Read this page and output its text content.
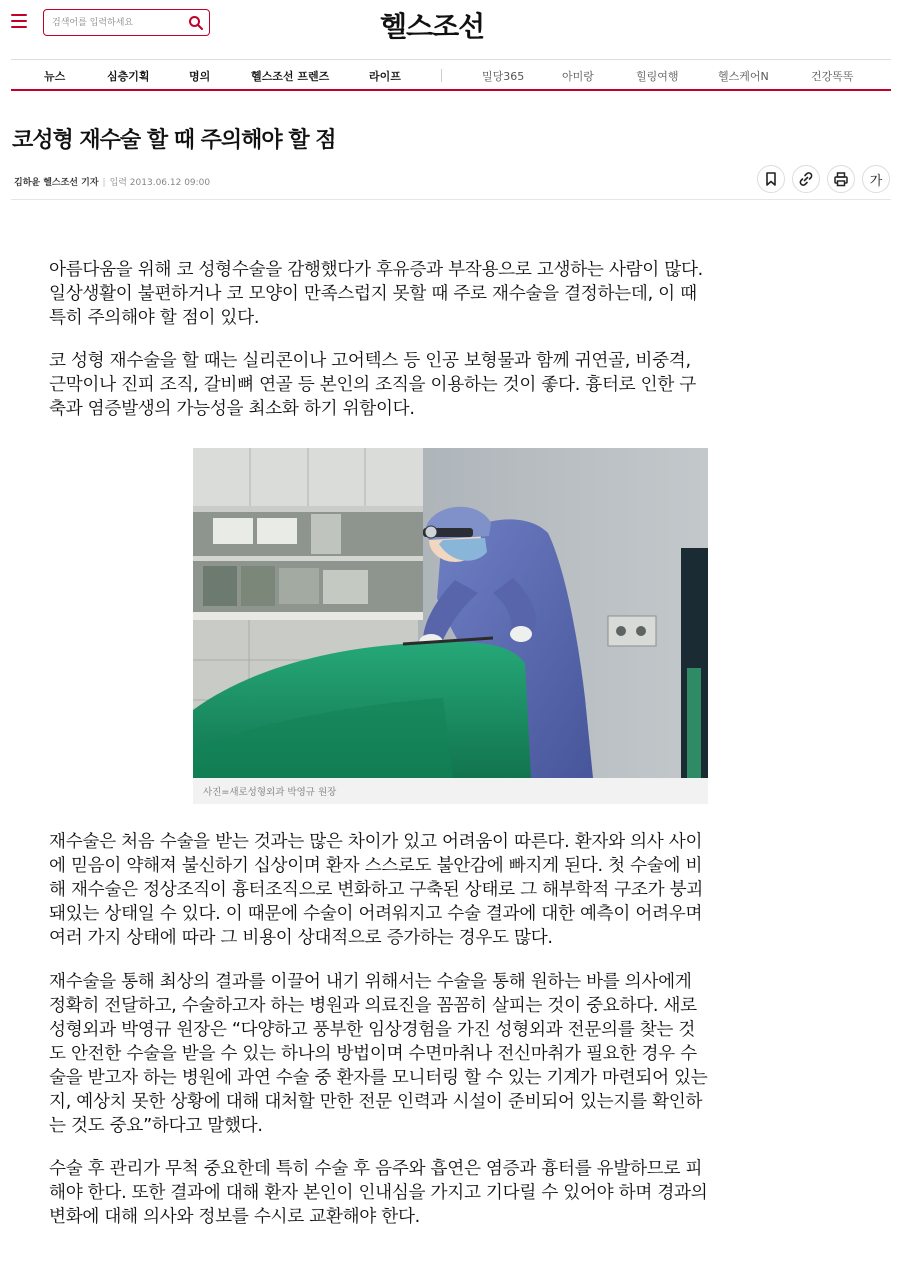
검색어를 입력하세요
헬스조선
뉴스	심층기획	명의	헬스조선 프렌즈	라이프	밀당365	아미랑	힐링여행	헬스케어N	건강똑똑
코성형 재수술 할 때 주의해야 할 점
김하윤 헬스조선 기자 | 입력 2013.06.12 09:00	가
아름다움을 위해 코 성형수술을 감행했다가 후유증과 부작용으로 고생하는 사람이 많다.
일상생활이 불편하거나 코 모양이 만족스럽지 못할 때 주로 재수술을 결정하는데, 이 때
특히 주의해야 할 점이 있다.
코 성형 재수술을 할 때는 실리콘이나 고어텍스 등 인공 보형물과 함께 귀연골, 비중격,
근막이나 진피 조직, 갈비뼈 연골 등 본인의 조직을 이용하는 것이 좋다. 흉터로 인한 구
축과 염증발생의 가능성을 최소화 하기 위함이다.
사진=새로성형외과 박영규 원장
재수술은 처음 수술을 받는 것과는 많은 차이가 있고 어려움이 따른다. 환자와 의사 사이
에 믿음이 약해져 불신하기 십상이며 환자 스스로도 불안감에 빠지게 된다. 첫 수술에 비
해 재수술은 정상조직이 흉터조직으로 변화하고 구축된 상태로 그 해부학적 구조가 붕괴
돼있는 상태일 수 있다. 이 때문에 수술이 어려워지고 수술 결과에 대한 예측이 어려우며
여러 가지 상태에 따라 그 비용이 상대적으로 증가하는 경우도 많다.
재수술을 통해 최상의 결과를 이끌어 내기 위해서는 수술을 통해 원하는 바를 의사에게
정확히 전달하고, 수술하고자 하는 병원과 의료진을 꼼꼼히 살피는 것이 중요하다. 새로
성형외과 박영규 원장은 “다양하고 풍부한 임상경험을 가진 성형외과 전문의를 찾는 것
도 안전한 수술을 받을 수 있는 하나의 방법이며 수면마취나 전신마취가 필요한 경우 수
술을 받고자 하는 병원에 과연 수술 중 환자를 모니터링 할 수 있는 기계가 마련되어 있는
지, 예상치 못한 상황에 대해 대처할 만한 전문 인력과 시설이 준비되어 있는지를 확인하
는 것도 중요”하다고 말했다.
수술 후 관리가 무척 중요한데 특히 수술 후 음주와 흡연은 염증과 흉터를 유발하므로 피
해야 한다. 또한 결과에 대해 환자 본인이 인내심을 가지고 기다릴 수 있어야 하며 경과의
변화에 대해 의사와 정보를 수시로 교환해야 한다.
